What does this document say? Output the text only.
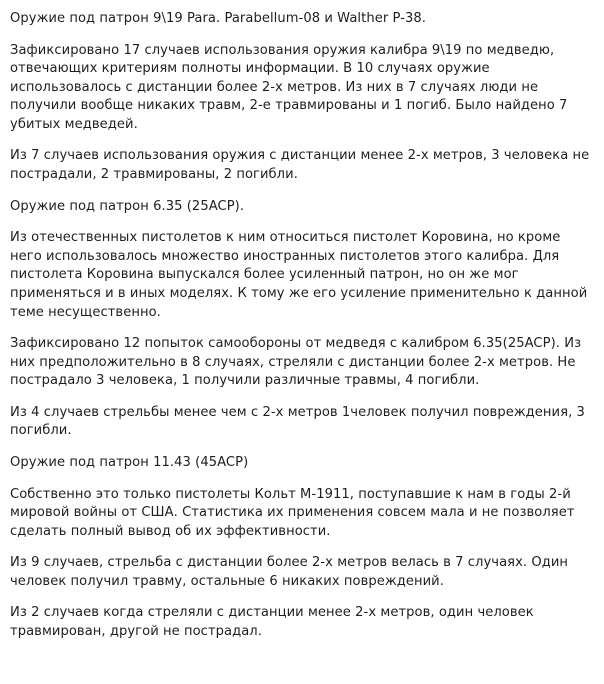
Оружие под патрон 9\19 Para. Parabellum-08 и Walther P-38.

Зафиксировано 17 случаев использования оружия калибра 9\19 по медведю, отвечающих критериям полноты информации. В 10 случаях оружие использовалось с дистанции более 2-х метров. Из них в 7 случаях люди не получили вообще никаких травм, 2-е травмированы и 1 погиб. Было найдено 7 убитых медведей.

Из 7 случаев использования оружия с дистанции менее 2-х метров, 3 человека не пострадали, 2 травмированы, 2 погибли.

Оружие под патрон 6.35 (25ACP).

Из отечественных пистолетов к ним относиться пистолет Коровина, но кроме него использовалось множество иностранных пистолетов этого калибра. Для пистолета Коровина выпускался более усиленный патрон, но он же мог применяться и в иных моделях. К тому же его усиление применительно к данной теме несущественно.

Зафиксировано 12 попыток самообороны от медведя с калибром 6.35(25ACP). Из них предположительно в 8 случаях, стреляли с дистанции более 2-х метров. Не пострадало 3 человека, 1 получили различные травмы, 4 погибли.

Из 4 случаев стрельбы менее чем с 2-х метров 1человек получил повреждения, 3 погибли.

Оружие под патрон 11.43 (45ACP)

Собственно это только пистолеты Кольт М-1911, поступавшие к нам в годы 2-й мировой войны от США. Статистика их применения совсем мала и не позволяет сделать полный вывод об их эффективности.

Из 9 случаев, стрельба с дистанции более 2-х метров велась в 7 случаях. Один человек получил травму, остальные 6 никаких повреждений.

Из 2 случаев когда стреляли с дистанции менее 2-х метров, один человек травмирован, другой не пострадал.
